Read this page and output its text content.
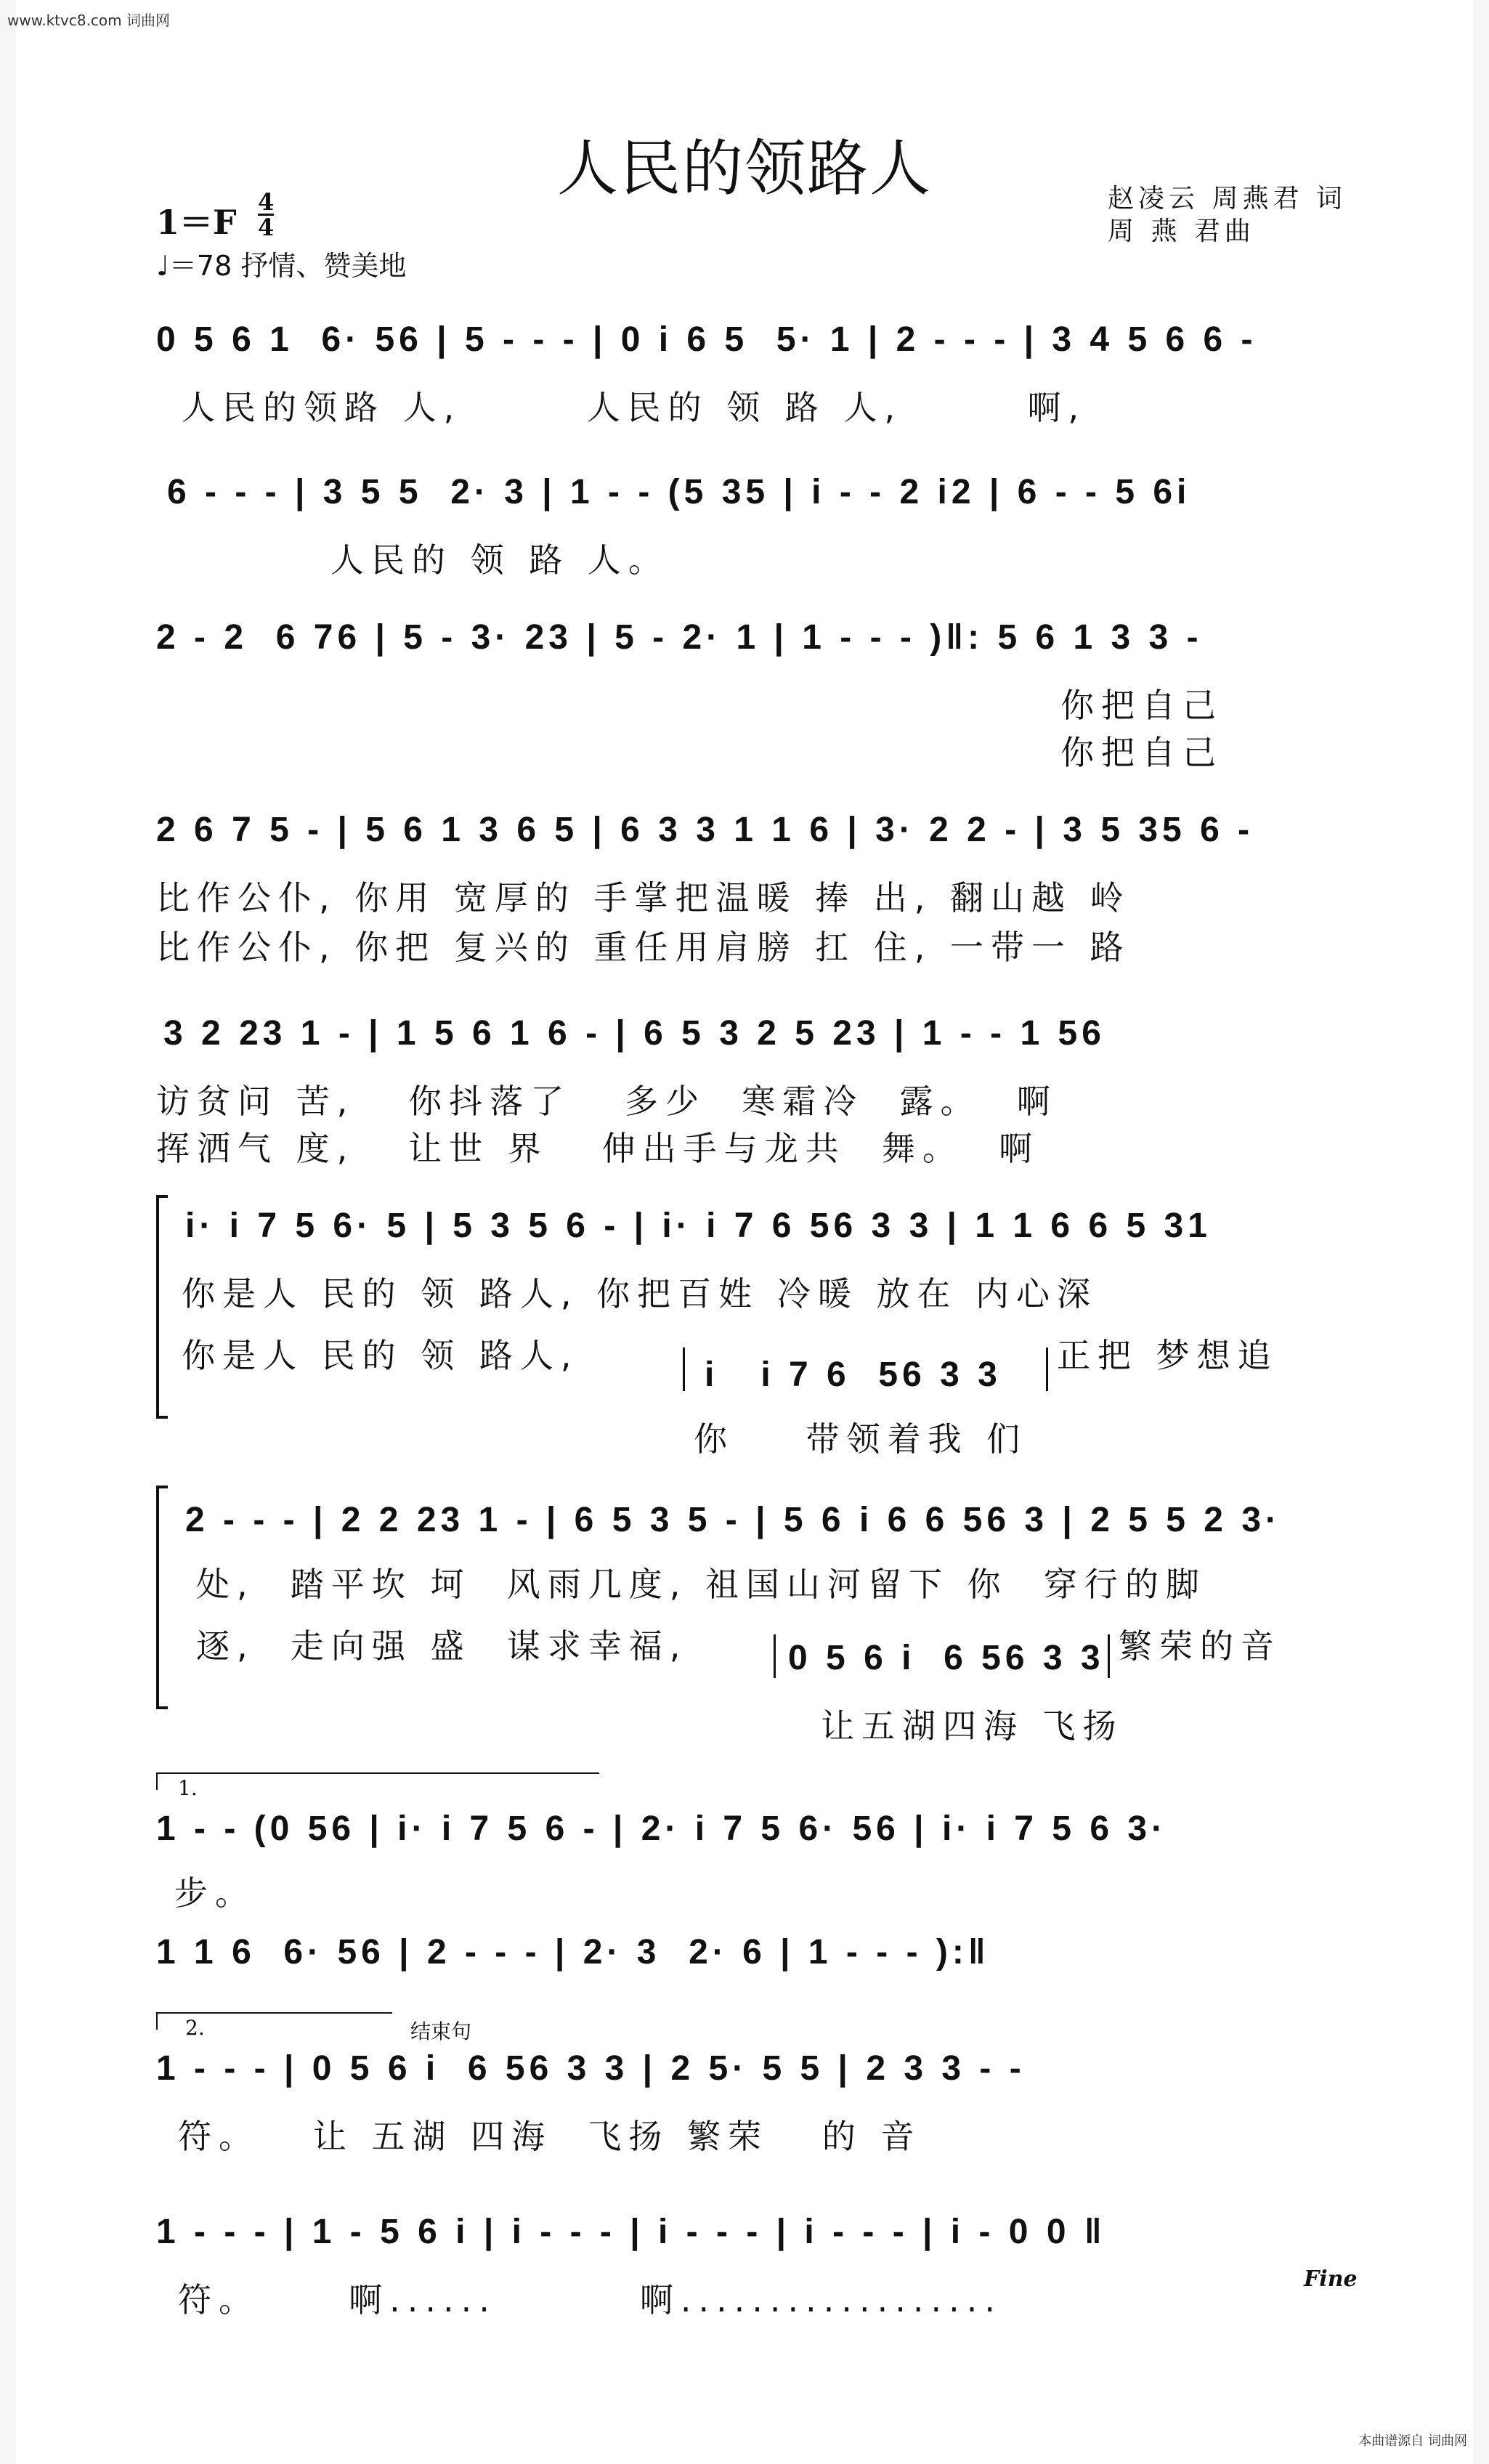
www.ktvc8.com 词曲网
人民的领路人	赵凌云 周燕君 词
周 燕 君曲
1＝F
4
4
♩＝78 抒情、赞美地
0 5 6 1  6· 56 | 5 - - - | 0 i 6 5  5· 1 | 2 - - - | 3 4 5 6 6 -
人民的领路 人,       人民的 领 路 人,       啊,
6 - - - | 3 5 5  2· 3 | 1 - - (5 35 | i - - 2 i2 | 6 - - 5 6i
人民的 领 路 人。
2 - 2  6 76 | 5 - 3· 23 | 5 - 2· 1 | 1 - - - )‖: 5 6 1 3 3 -
你把自己
你把自己
2 6 7 5 - | 5 6 1 3 6 5 | 6 3 3 1 1 6 | 3· 2 2 - | 3 5 35 6 -
比作公仆, 你用 宽厚的 手掌把温暖 捧 出, 翻山越 岭
比作公仆, 你把 复兴的 重任用肩膀 扛 住, 一带一 路
3 2 23 1 - | 1 5 6 1 6 - | 6 5 3 2 5 23 | 1 - - 1 56
访贫问 苦,   你抖落了   多少  寒霜冷  露。  啊
挥洒气 度,   让世 界   伸出手与龙共  舞。  啊
i· i 7 5 6· 5 | 5 3 5 6 - | i· i 7 6 56 3 3 | 1 1 6 6 5 31
你是人 民的 领 路人, 你把百姓 冷暖 放在 内心深
你是人 民的 领 路人,	i   i 7 6  56 3 3
你    带领着我 们
正把 梦想追
2 - - - | 2 2 23 1 - | 6 5 3 5 - | 5 6 i 6 6 56 3 | 2 5 5 2 3·
处,  踏平坎 坷  风雨几度, 祖国山河留下 你  穿行的脚
逐,  走向强 盛  谋求幸福,	0 5 6 i  6 56 3 3
让五湖四海 飞扬
繁荣的音
1.
1 - - (0 56 | i· i 7 5 6 - | 2· i 7 5 6· 56 | i· i 7 5 6 3·
步。
1 1 6  6· 56 | 2 - - - | 2· 3  2· 6 | 1 - - - ):‖
2.	结束句
1 - - - | 0 5 6 i  6 56 3 3 | 2 5· 5 5 | 2 3 3 - -
符。   让 五湖 四海  飞扬 繁荣   的 音
1 - - - | 1 - 5 6 i | i - - - | i - - - | i - - - | i - 0 0 ‖
符。     啊......        啊..................
Fine
本曲谱源自 词曲网
